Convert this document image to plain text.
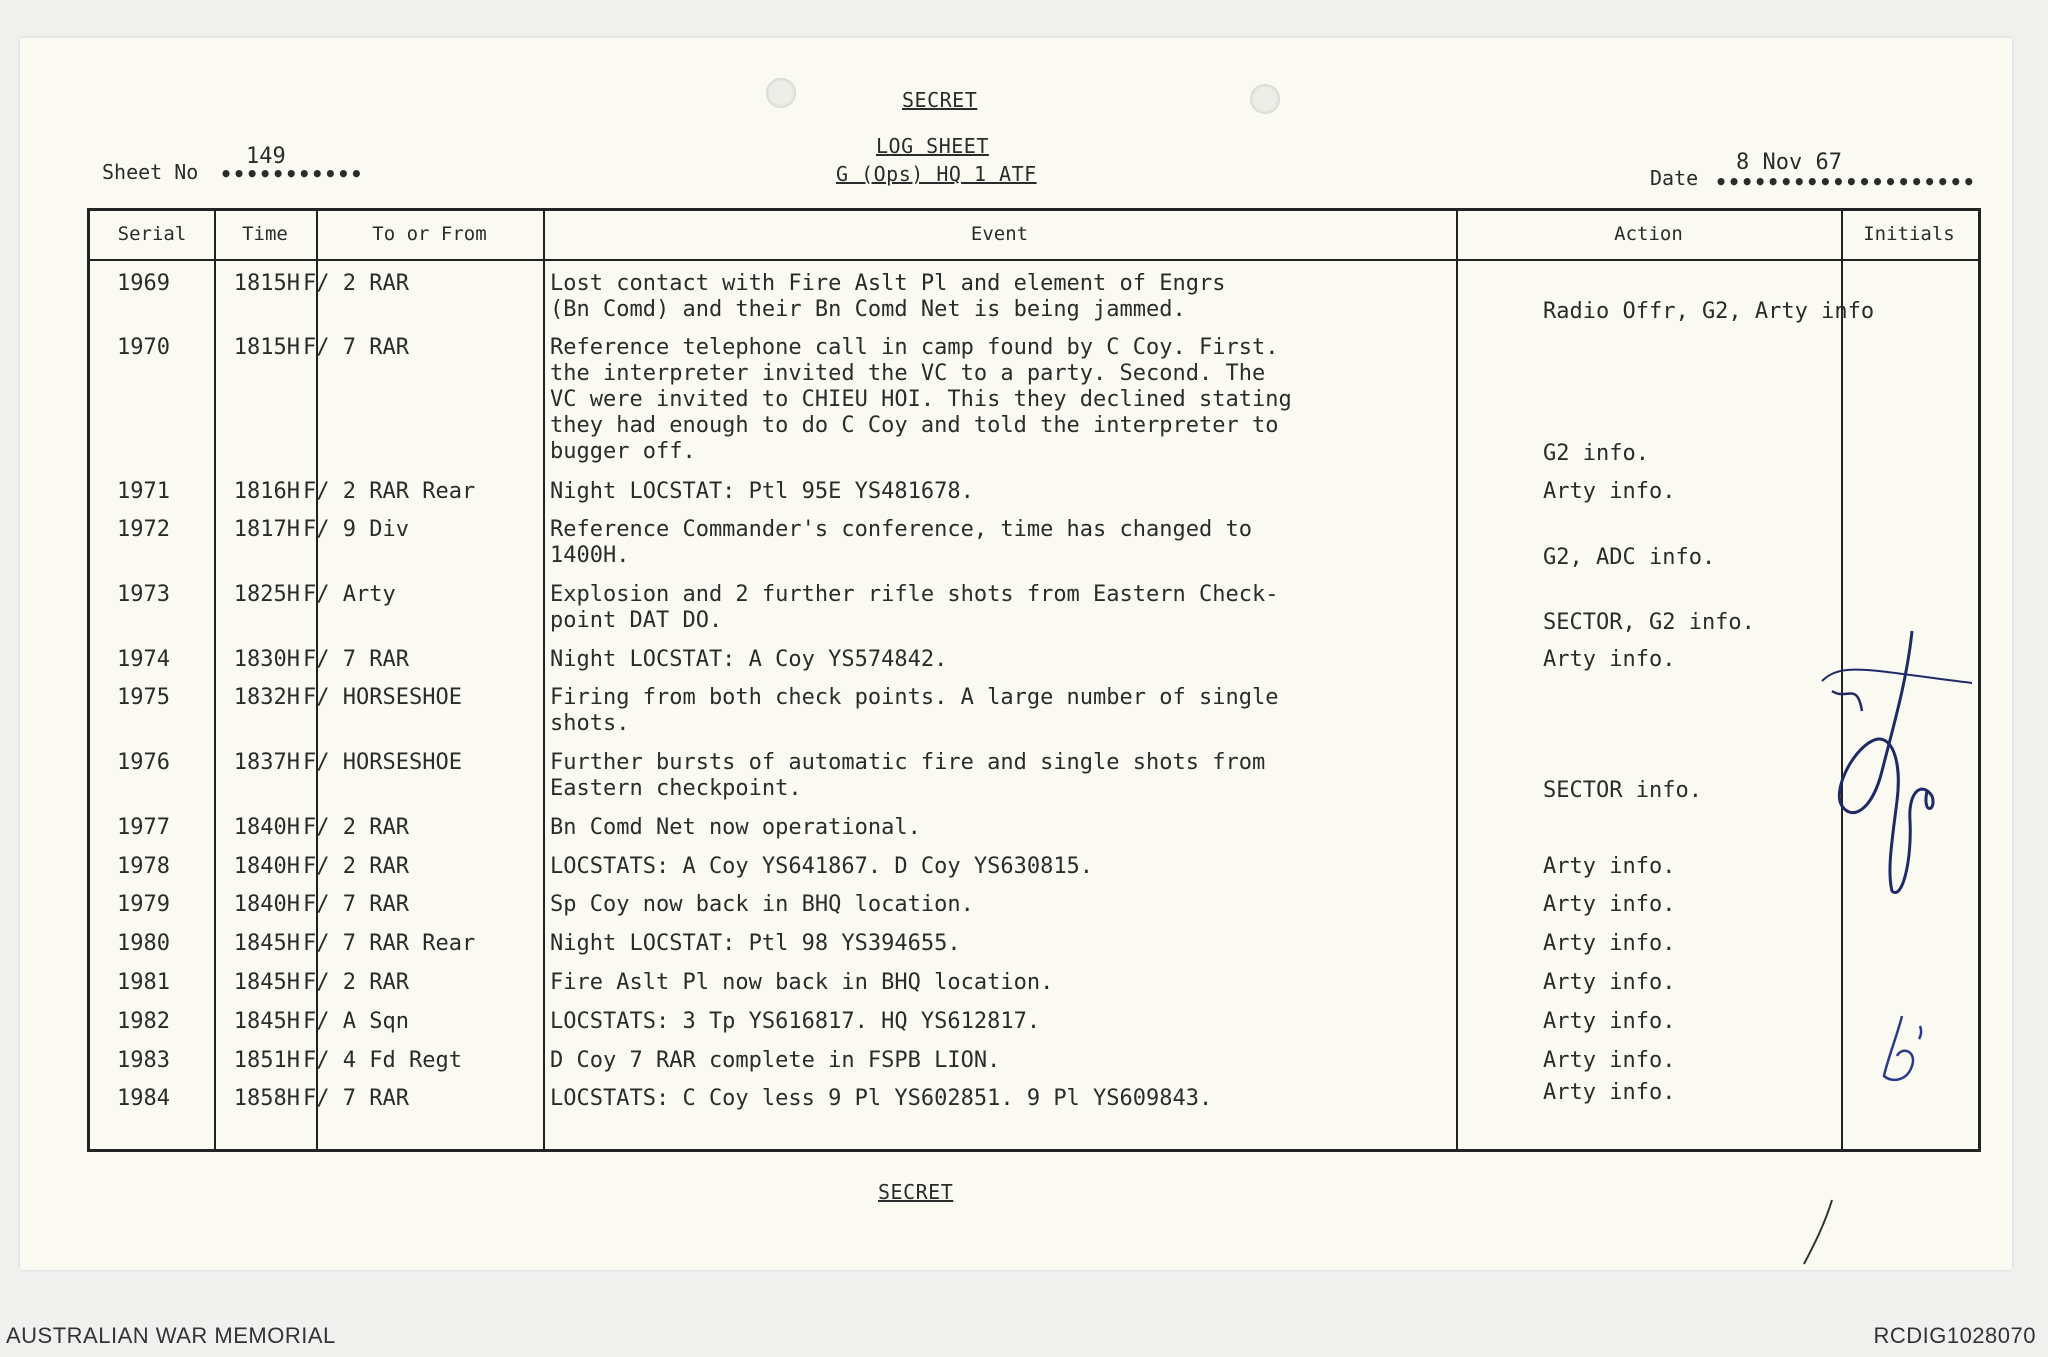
SECRET
LOG SHEET
G (Ops) HQ 1 ATF
Sheet No
149
•••••••••••	Date
8 Nov 67
••••••••••••••••••••
Serial	Time	To or From	Event	Action	Initials
1969	1815H F/ 2 RAR	Lost contact with Fire Aslt Pl and element of Engrs
(Bn Comd) and their Bn Comd Net is being jammed.	Radio Offr, G2, Arty info
1970	1815H F/ 7 RAR	Reference telephone call in camp found by C Coy. First.
the interpreter invited the VC to a party. Second. The
VC were invited to CHIEU HOI. This they declined stating
they had enough to do C Coy and told the interpreter to
bugger off.	G2 info.
1971	1816H F/ 2 RAR Rear	Night LOCSTAT: Ptl 95E YS481678.	Arty info.
1972	1817H F/ 9 Div	Reference Commander's conference, time has changed to
1400H.	G2, ADC info.
1973	1825H F/ Arty	Explosion and 2 further rifle shots from Eastern Check-
point DAT DO.	SECTOR, G2 info.
1974	1830H F/ 7 RAR	Night LOCSTAT: A Coy YS574842.	Arty info.
1975	1832H F/ HORSESHOE	Firing from both check points. A large number of single
shots.
1976	1837H F/ HORSESHOE	Further bursts of automatic fire and single shots from
Eastern checkpoint.	SECTOR info.
1977	1840H F/ 2 RAR	Bn Comd Net now operational.
1978	1840H F/ 2 RAR	LOCSTATS: A Coy YS641867. D Coy YS630815.	Arty info.
1979	1840H F/ 7 RAR	Sp Coy now back in BHQ location.	Arty info.
1980	1845H F/ 7 RAR Rear	Night LOCSTAT: Ptl 98 YS394655.	Arty info.
1981	1845H F/ 2 RAR	Fire Aslt Pl now back in BHQ location.	Arty info.
1982	1845H F/ A Sqn	LOCSTATS: 3 Tp YS616817. HQ YS612817.	Arty info.
1983	1851H F/ 4 Fd Regt	D Coy 7 RAR complete in FSPB LION.	Arty info.
1984	1858H F/ 7 RAR	LOCSTATS: C Coy less 9 Pl YS602851. 9 Pl YS609843.	Arty info.
SECRET
AUSTRALIAN WAR MEMORIAL	RCDIG1028070
